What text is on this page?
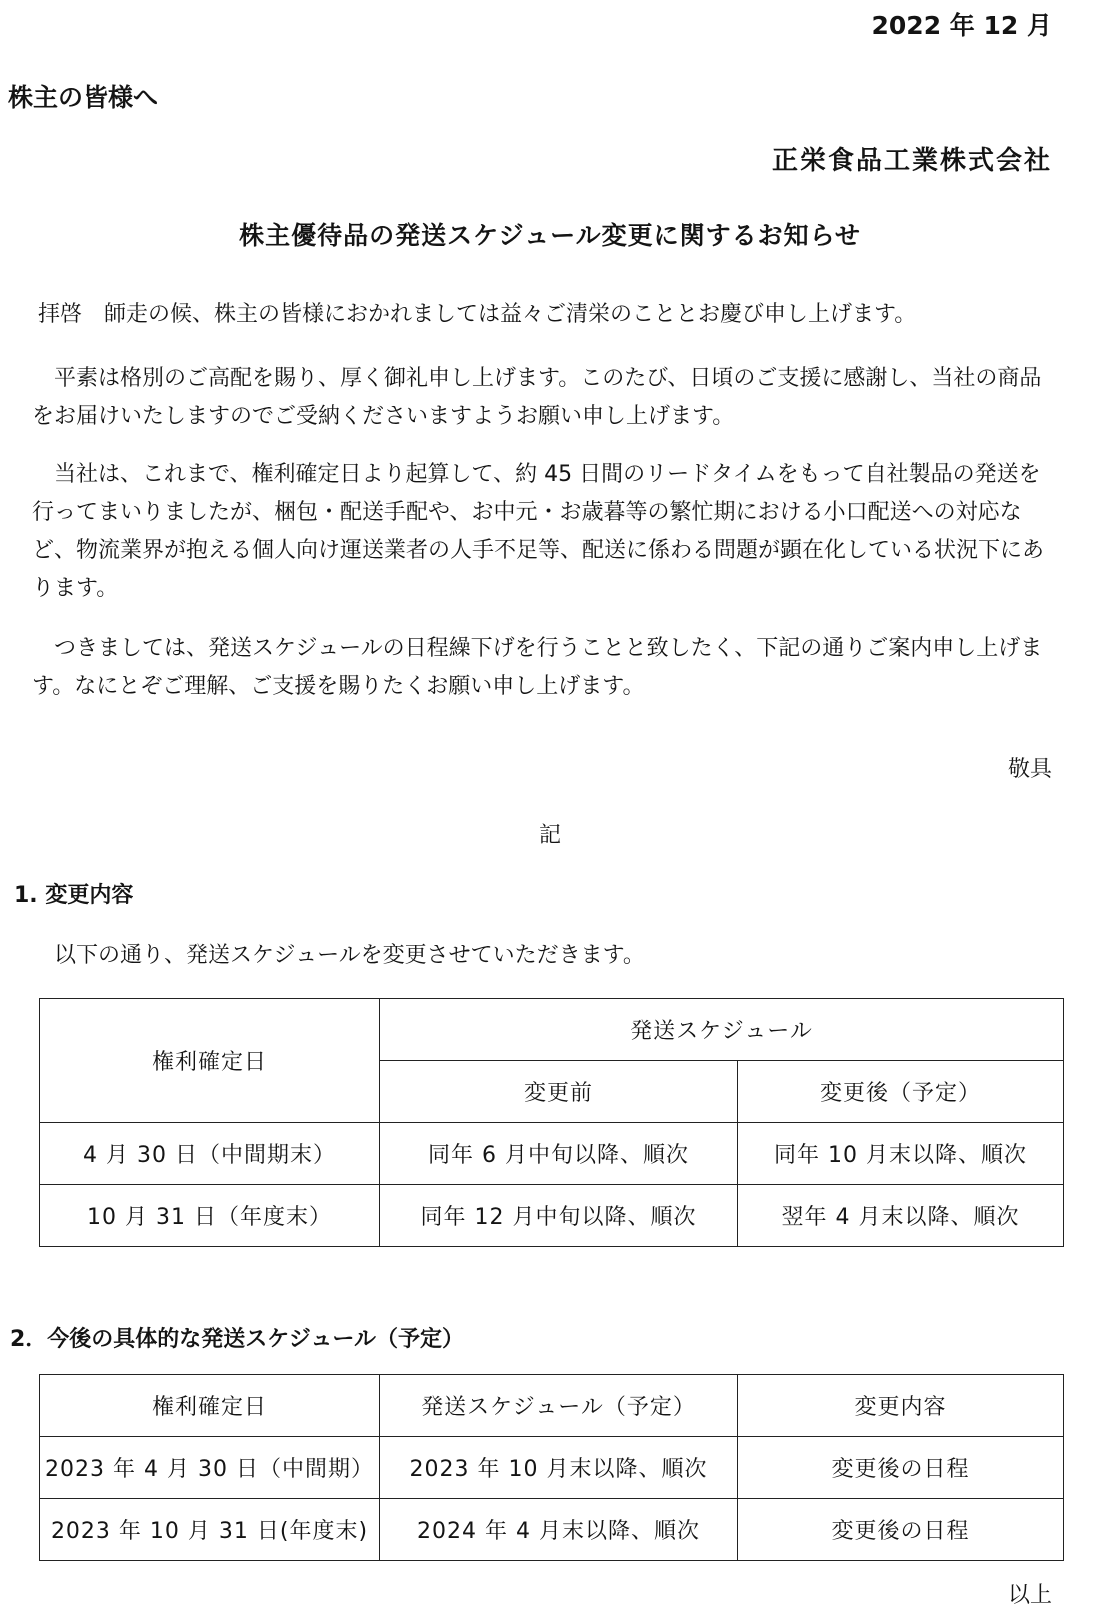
2022 年 12 月
株主の皆様へ
正栄食品工業株式会社
株主優待品の発送スケジュール変更に関するお知らせ

拝啓　師走の候、株主の皆様におかれましては益々ご清栄のこととお慶び申し上げます。

　平素は格別のご高配を賜り、厚く御礼申し上げます。このたび、日頃のご支援に感謝し、当社の商品をお届けいたしますのでご受納くださいますようお願い申し上げます。

　当社は、これまで、権利確定日より起算して、約 45 日間のリードタイムをもって自社製品の発送を行ってまいりましたが、梱包・配送手配や、お中元・お歳暮等の繁忙期における小口配送への対応など、物流業界が抱える個人向け運送業者の人手不足等、配送に係わる問題が顕在化している状況下にあります。

　つきましては、発送スケジュールの日程繰下げを行うことと致したく、下記の通りご案内申し上げます。なにとぞご理解、ご支援を賜りたくお願い申し上げます。

敬具
記
1. 変更内容
以下の通り、発送スケジュールを変更させていただきます。
権利確定日	発送スケジュール	
	変更前	変更後（予定）
4 月 30 日（中間期末）	同年 6 月中旬以降、順次	同年 10 月末以降、順次
10 月 31 日（年度末）	同年 12 月中旬以降、順次	翌年 4 月末以降、順次
2．今後の具体的な発送スケジュール（予定）
権利確定日	発送スケジュール（予定）	変更内容
2023 年 4 月 30 日（中間期）	2023 年 10 月末以降、順次	変更後の日程
2023 年 10 月 31 日(年度末)	2024 年 4 月末以降、順次	変更後の日程
以上
